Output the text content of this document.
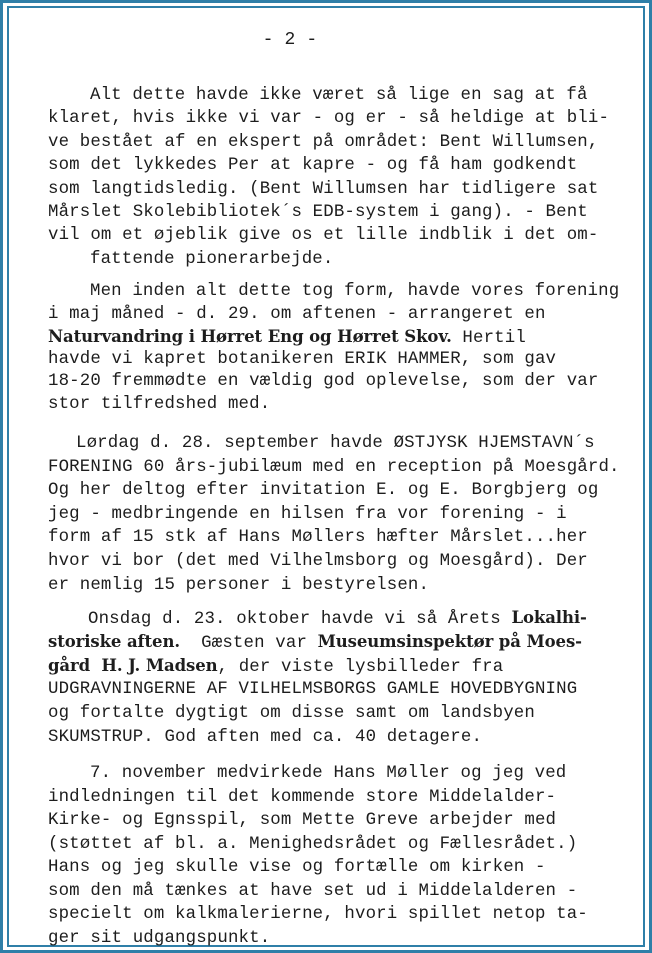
- 2 -
Alt dette havde ikke været så lige en sag at få
klaret, hvis ikke vi var - og er - så heldige at bli-
ve bestået af en ekspert på området: Bent Willumsen,
som det lykkedes Per at kapre - og få ham godkendt
som langtidsledig. (Bent Willumsen har tidligere sat
Mårslet Skolebibliotek´s EDB-system i gang). - Bent
vil om et øjeblik give os et lille indblik i det om-
fattende pionerarbejde.
Men inden alt dette tog form, havde vores forening
i maj måned - d. 29. om aftenen - arrangeret en
Naturvandring i Hørret Eng og Hørret Skov. Hertil
havde vi kapret botanikeren ERIK HAMMER, som gav
18-20 fremmødte en vældig god oplevelse, som der var
stor tilfredshed med.
Lørdag d. 28. september havde ØSTJYSK HJEMSTAVN´s
FORENING 60 års-jubilæum med en reception på Moesgård.
Og her deltog efter invitation E. og E. Borgbjerg og
jeg - medbringende en hilsen fra vor forening - i
form af 15 stk af Hans Møllers hæfter Mårslet...her
hvor vi bor (det med Vilhelmsborg og Moesgård). Der
er nemlig 15 personer i bestyrelsen.
Onsdag d. 23. oktober havde vi så Årets Lokalhi-
storiske aften.  Gæsten var Museumsinspektør på Moes-
gård  H. J. Madsen, der viste lysbilleder fra
UDGRAVNINGERNE AF VILHELMSBORGS GAMLE HOVEDBYGNING
og fortalte dygtigt om disse samt om landsbyen
SKUMSTRUP. God aften med ca. 40 detagere.
7. november medvirkede Hans Møller og jeg ved
indledningen til det kommende store Middelalder-
Kirke- og Egnsspil, som Mette Greve arbejder med
(støttet af bl. a. Menighedsrådet og Fællesrådet.)
Hans og jeg skulle vise og fortælle om kirken -
som den må tænkes at have set ud i Middelalderen -
specielt om kalkmalerierne, hvori spillet netop ta-
ger sit udgangspunkt.
